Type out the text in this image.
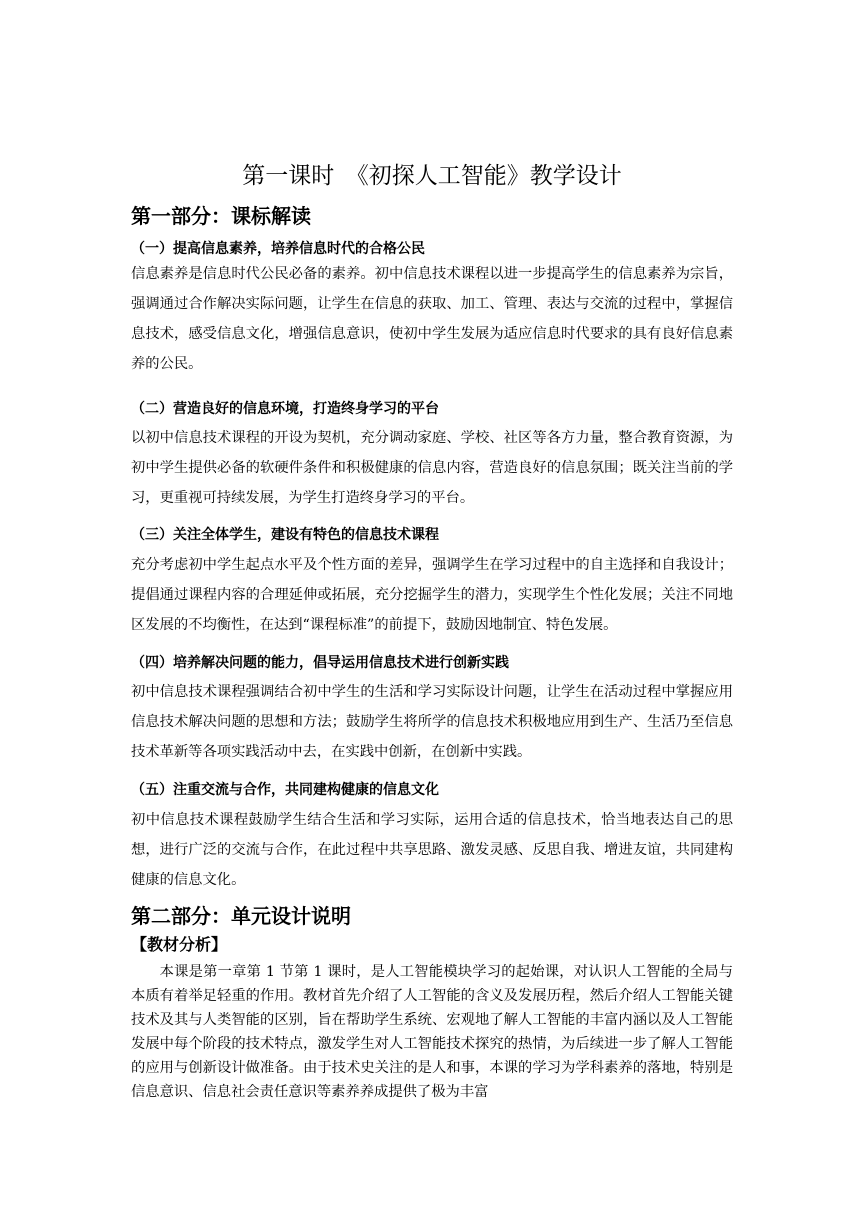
第一课时　《初探人工智能》教学设计
第一部分：课标解读
（一）提高信息素养，培养信息时代的合格公民

信息素养是信息时代公民必备的素养。初中信息技术课程以进一步提高学生的信息素养为宗旨，强调通过合作解决实际问题，让学生在信息的获取、加工、管理、表达与交流的过程中，掌握信息技术，感受信息文化，增强信息意识，使初中学生发展为适应信息时代要求的具有良好信息素养的公民。

（二）营造良好的信息环境，打造终身学习的平台

以初中信息技术课程的开设为契机，充分调动家庭、学校、社区等各方力量，整合教育资源，为初中学生提供必备的软硬件条件和积极健康的信息内容，营造良好的信息氛围；既关注当前的学习，更重视可持续发展，为学生打造终身学习的平台。

（三）关注全体学生，建设有特色的信息技术课程

充分考虑初中学生起点水平及个性方面的差异，强调学生在学习过程中的自主选择和自我设计；提倡通过课程内容的合理延伸或拓展，充分挖掘学生的潜力，实现学生个性化发展；关注不同地区发展的不均衡性，在达到“课程标准”的前提下，鼓励因地制宜、特色发展。

（四）培养解决问题的能力，倡导运用信息技术进行创新实践

初中信息技术课程强调结合初中学生的生活和学习实际设计问题，让学生在活动过程中掌握应用信息技术解决问题的思想和方法；鼓励学生将所学的信息技术积极地应用到生产、生活乃至信息技术革新等各项实践活动中去，在实践中创新，在创新中实践。

（五）注重交流与合作，共同建构健康的信息文化

初中信息技术课程鼓励学生结合生活和学习实际，运用合适的信息技术，恰当地表达自己的思想，进行广泛的交流与合作，在此过程中共享思路、激发灵感、反思自我、增进友谊，共同建构健康的信息文化。

第二部分：单元设计说明
【教材分析】

本课是第一章第 1 节第 1 课时，是人工智能模块学习的起始课，对认识人工智能的全局与本质有着举足轻重的作用。教材首先介绍了人工智能的含义及发展历程，然后介绍人工智能关键技术及其与人类智能的区别，旨在帮助学生系统、宏观地了解人工智能的丰富内涵以及人工智能发展中每个阶段的技术特点，激发学生对人工智能技术探究的热情，为后续进一步了解人工智能的应用与创新设计做准备。由于技术史关注的是人和事，本课的学习为学科素养的落地，特别是信息意识、信息社会责任意识等素养养成提供了极为丰富
